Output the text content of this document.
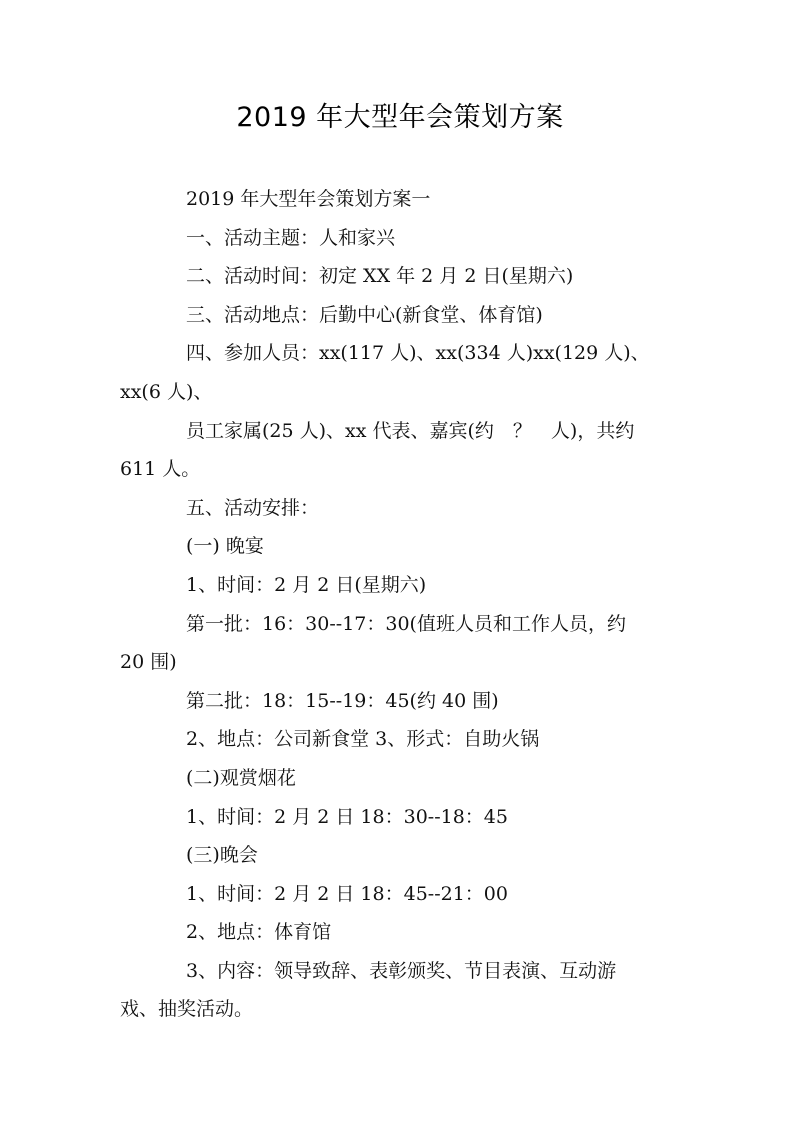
2019 年大型年会策划方案

2019 年大型年会策划方案一

一、活动主题：人和家兴

二、活动时间：初定 XX 年 2 月 2 日(星期六)

三、活动地点：后勤中心(新食堂、体育馆)

四、参加人员：xx(117 人)、xx(334 人)xx(129 人)、

xx(6 人)、

员工家属(25 人)、xx 代表、嘉宾(约　？　人)，共约

611 人。

五、活动安排：

(一) 晚宴

1、时间：2 月 2 日(星期六)

第一批：16：30--17：30(值班人员和工作人员，约

20 围)

第二批：18：15--19：45(约 40 围)

2、地点：公司新食堂 3、形式：自助火锅

(二)观赏烟花

1、时间：2 月 2 日 18：30--18：45

(三)晚会

1、时间：2 月 2 日 18：45--21：00

2、地点：体育馆

3、内容：领导致辞、表彰颁奖、节目表演、互动游

戏、抽奖活动。
